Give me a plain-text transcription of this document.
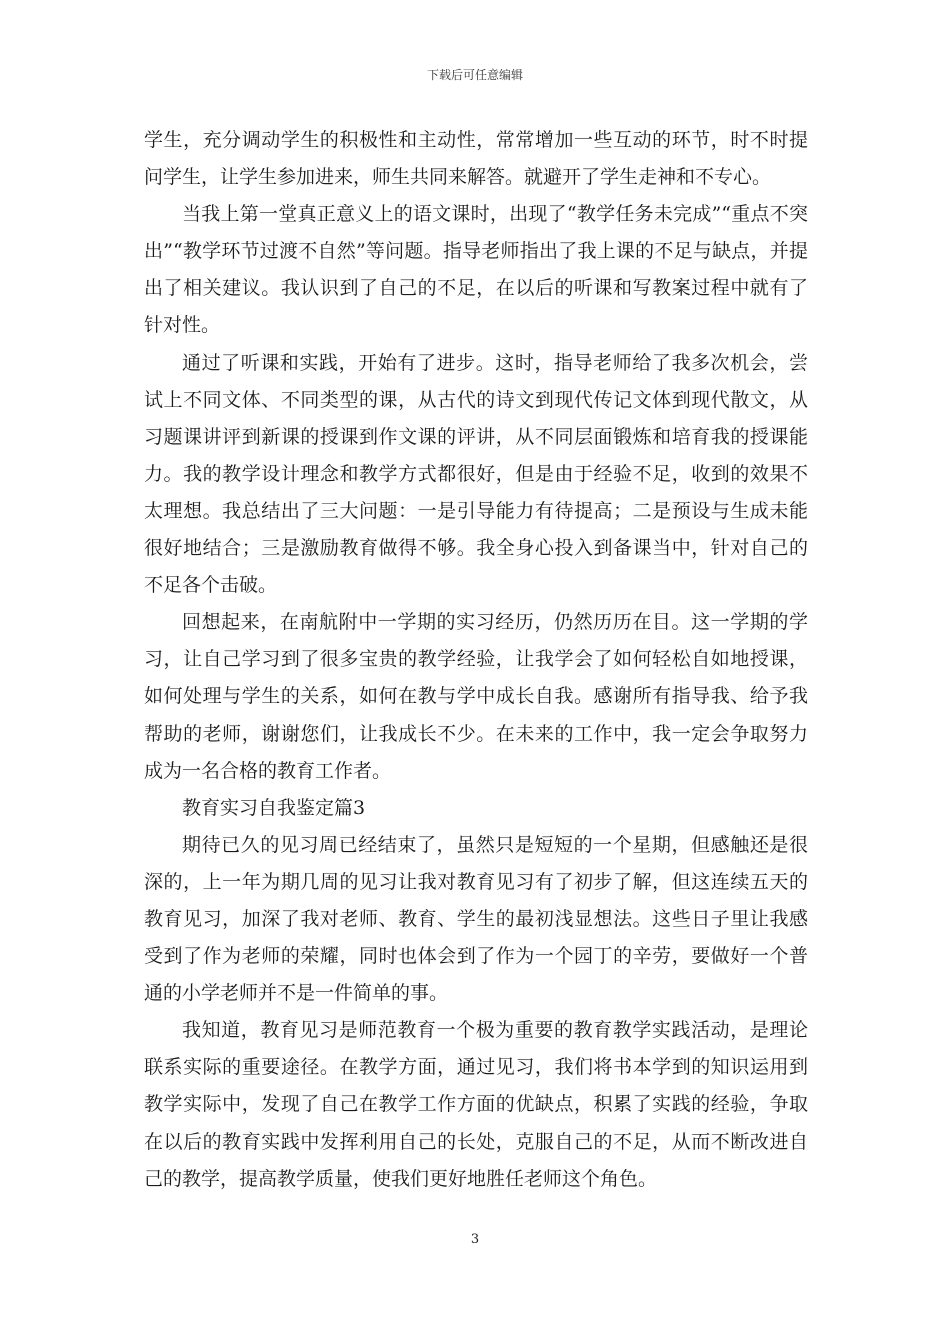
下载后可任意编辑

学生，充分调动学生的积极性和主动性，常常增加一些互动的环节，时不时提问学生，让学生参加进来，师生共同来解答。就避开了学生走神和不专心。

当我上第一堂真正意义上的语文课时，出现了“教学任务未完成”“重点不突出”“教学环节过渡不自然”等问题。指导老师指出了我上课的不足与缺点，并提出了相关建议。我认识到了自己的不足，在以后的听课和写教案过程中就有了针对性。

通过了听课和实践，开始有了进步。这时，指导老师给了我多次机会，尝试上不同文体、不同类型的课，从古代的诗文到现代传记文体到现代散文，从习题课讲评到新课的授课到作文课的评讲，从不同层面锻炼和培育我的授课能力。我的教学设计理念和教学方式都很好，但是由于经验不足，收到的效果不太理想。我总结出了三大问题：一是引导能力有待提高；二是预设与生成未能很好地结合；三是激励教育做得不够。我全身心投入到备课当中，针对自己的不足各个击破。

回想起来，在南航附中一学期的实习经历，仍然历历在目。这一学期的学习，让自己学习到了很多宝贵的教学经验，让我学会了如何轻松自如地授课，如何处理与学生的关系，如何在教与学中成长自我。感谢所有指导我、给予我帮助的老师，谢谢您们，让我成长不少。在未来的工作中，我一定会争取努力成为一名合格的教育工作者。

教育实习自我鉴定篇3

期待已久的见习周已经结束了，虽然只是短短的一个星期，但感触还是很深的，上一年为期几周的见习让我对教育见习有了初步了解，但这连续五天的教育见习，加深了我对老师、教育、学生的最初浅显想法。这些日子里让我感受到了作为老师的荣耀，同时也体会到了作为一个园丁的辛劳，要做好一个普通的小学老师并不是一件简单的事。

我知道，教育见习是师范教育一个极为重要的教育教学实践活动，是理论联系实际的重要途径。在教学方面，通过见习，我们将书本学到的知识运用到教学实际中，发现了自己在教学工作方面的优缺点，积累了实践的经验，争取在以后的教育实践中发挥利用自己的长处，克服自己的不足，从而不断改进自己的教学，提高教学质量，使我们更好地胜任老师这个角色。

3
